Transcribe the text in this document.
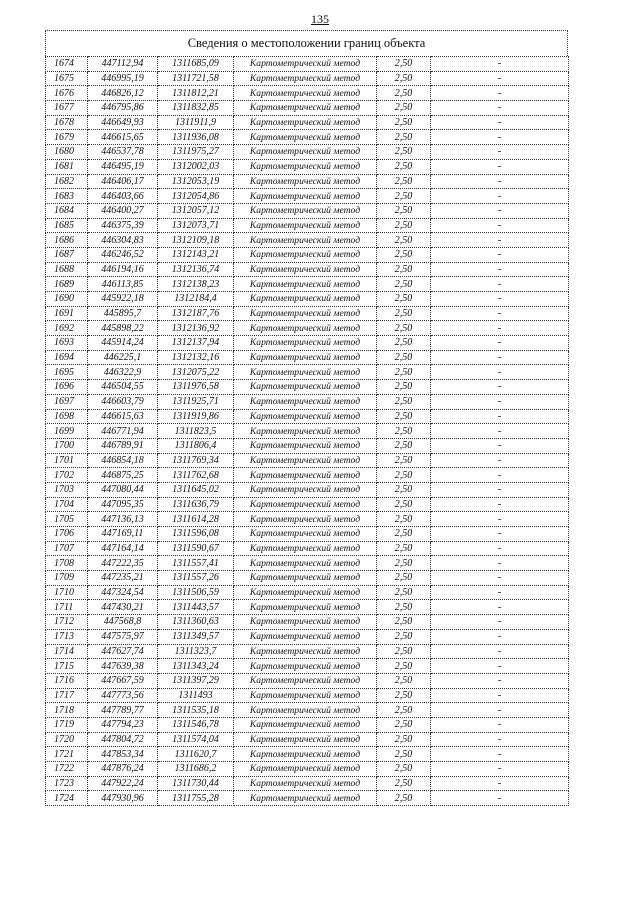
135
Сведения о местоположении границ объекта
1674	447112,94	1311685,09	Картометрический метод	2,50	-
1675	446995,19	1311721,58	Картометрический метод	2,50	-
1676	446826,12	1311812,21	Картометрический метод	2,50	-
1677	446795,86	1311832,85	Картометрический метод	2,50	-
1678	446649,93	1311911,9	Картометрический метод	2,50	-
1679	446615,65	1311936,08	Картометрический метод	2,50	-
1680	446537,78	1311975,27	Картометрический метод	2,50	-
1681	446495,19	1312002,03	Картометрический метод	2,50	-
1682	446406,17	1312053,19	Картометрический метод	2,50	-
1683	446403,66	1312054,86	Картометрический метод	2,50	-
1684	446400,27	1312057,12	Картометрический метод	2,50	-
1685	446375,39	1312073,71	Картометрический метод	2,50	-
1686	446304,83	1312109,18	Картометрический метод	2,50	-
1687	446246,52	1312143,21	Картометрический метод	2,50	-
1688	446194,16	1312136,74	Картометрический метод	2,50	-
1689	446113,85	1312138,23	Картометрический метод	2,50	-
1690	445922,18	1312184,4	Картометрический метод	2,50	-
1691	445895,7	1312187,76	Картометрический метод	2,50	-
1692	445898,22	1312136,92	Картометрический метод	2,50	-
1693	445914,24	1312137,94	Картометрический метод	2,50	-
1694	446225,1	1312132,16	Картометрический метод	2,50	-
1695	446322,9	1312075,22	Картометрический метод	2,50	-
1696	446504,55	1311976,58	Картометрический метод	2,50	-
1697	446603,79	1311925,71	Картометрический метод	2,50	-
1698	446615,63	1311919,86	Картометрический метод	2,50	-
1699	446771,94	1311823,5	Картометрический метод	2,50	-
1700	446789,91	1311806,4	Картометрический метод	2,50	-
1701	446854,18	1311769,34	Картометрический метод	2,50	-
1702	446875,25	1311762,68	Картометрический метод	2,50	-
1703	447080,44	1311645,02	Картометрический метод	2,50	-
1704	447095,35	1311636,79	Картометрический метод	2,50	-
1705	447136,13	1311614,28	Картометрический метод	2,50	-
1706	447169,11	1311596,08	Картометрический метод	2,50	-
1707	447164,14	1311590,67	Картометрический метод	2,50	-
1708	447222,35	1311557,41	Картометрический метод	2,50	-
1709	447235,21	1311557,26	Картометрический метод	2,50	-
1710	447324,54	1311506,59	Картометрический метод	2,50	-
1711	447430,21	1311443,57	Картометрический метод	2,50	-
1712	447568,8	1311360,63	Картометрический метод	2,50	-
1713	447575,97	1311349,57	Картометрический метод	2,50	-
1714	447627,74	1311323,7	Картометрический метод	2,50	-
1715	447639,38	1311343,24	Картометрический метод	2,50	-
1716	447667,59	1311397,29	Картометрический метод	2,50	-
1717	447773,56	1311493	Картометрический метод	2,50	-
1718	447789,77	1311535,18	Картометрический метод	2,50	-
1719	447794,23	1311546,78	Картометрический метод	2,50	-
1720	447804,72	1311574,04	Картометрический метод	2,50	-
1721	447853,34	1311620,7	Картометрический метод	2,50	-
1722	447876,24	1311686,2	Картометрический метод	2,50	-
1723	447922,24	1311730,44	Картометрический метод	2,50	-
1724	447930,96	1311755,28	Картометрический метод	2,50	-
